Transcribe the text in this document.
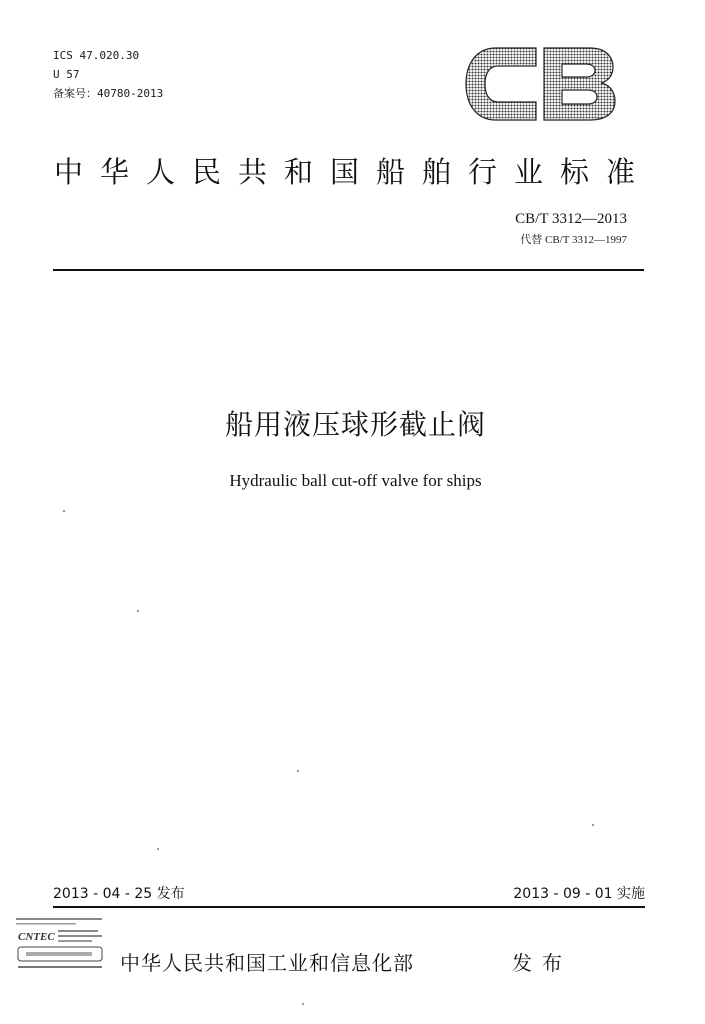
ICS 47.020.30
U 57
备案号：40780-2013
中华人民共和国船舶行业标准
CB/T 3312—2013
代替 CB/T 3312—1997
船用液压球形截止阀
Hydraulic ball cut-off valve for ships
2013 - 04 - 25 发布	2013 - 09 - 01 实施
CNTEC
中华人民共和国工业和信息化部	发布
